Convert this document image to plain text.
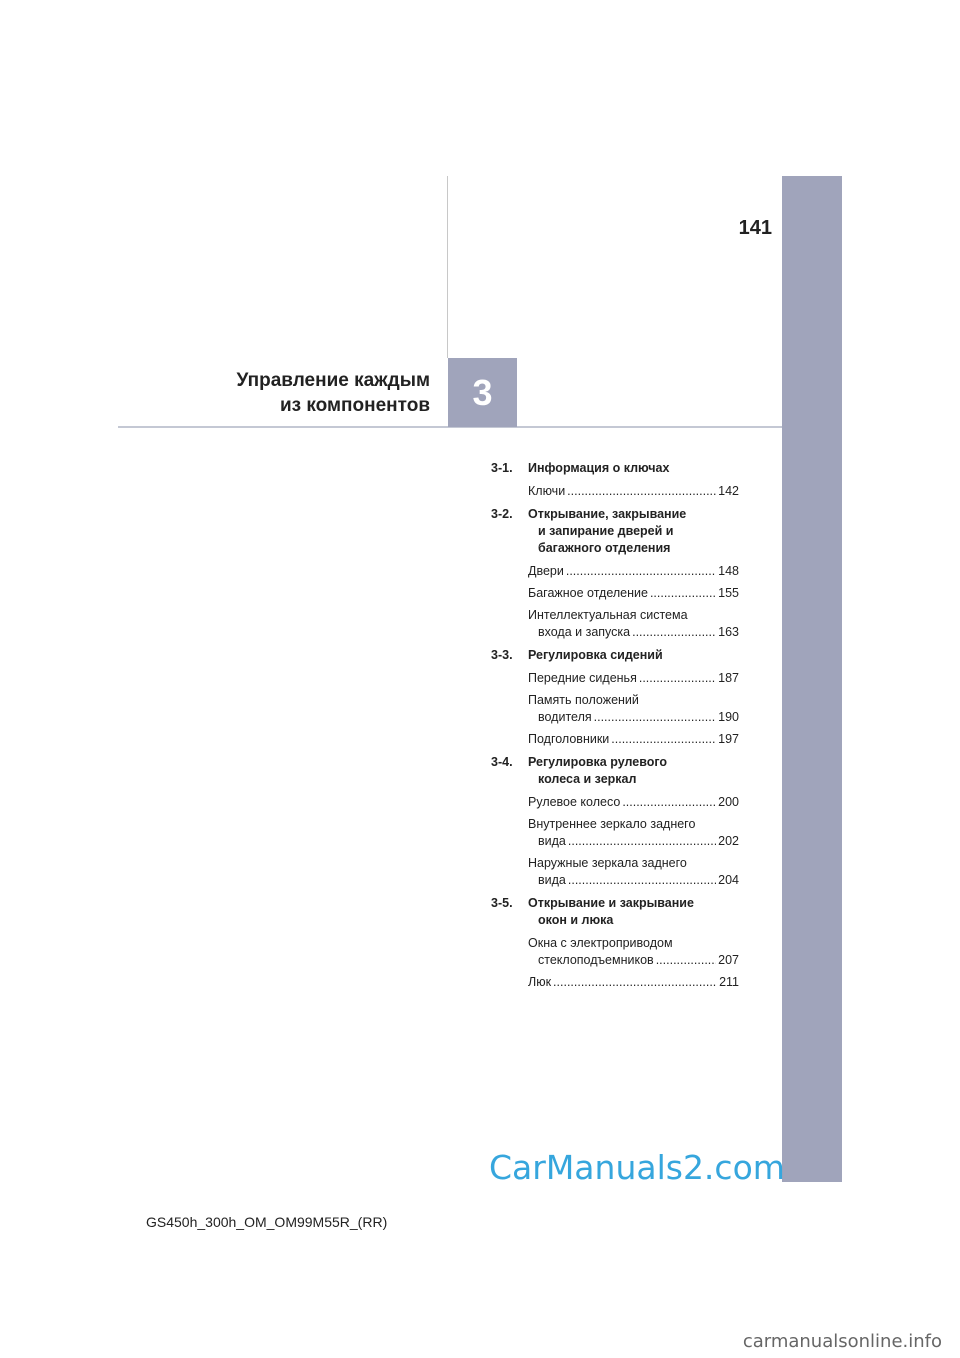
141
Управление каждым
из компонентов	3
3-1.	Информация о ключах
Ключи .....	142
3-2.	Открывание, закрывание
и запирание дверей и
багажного отделения
Двери .....	148
Багажное отделение .....	155
Интеллектуальная система
входа и запуска .....	163
3-3.	Регулировка сидений
Передние сиденья .....	187
Память положений
водителя .....	190
Подголовники .....	197
3-4.	Регулировка рулевого
колеса и зеркал
Рулевое колесо .....	200
Внутреннее зеркало заднего
вида .....	202
Наружные зеркала заднего
вида .....	204
3-5.	Открывание и закрывание
окон и люка
Окна с электроприводом
стеклоподъемников .....	207
Люк .....	211
CarManuals2.com
GS450h_300h_OM_OM99M55R_(RR)
carmanualsonline.info
